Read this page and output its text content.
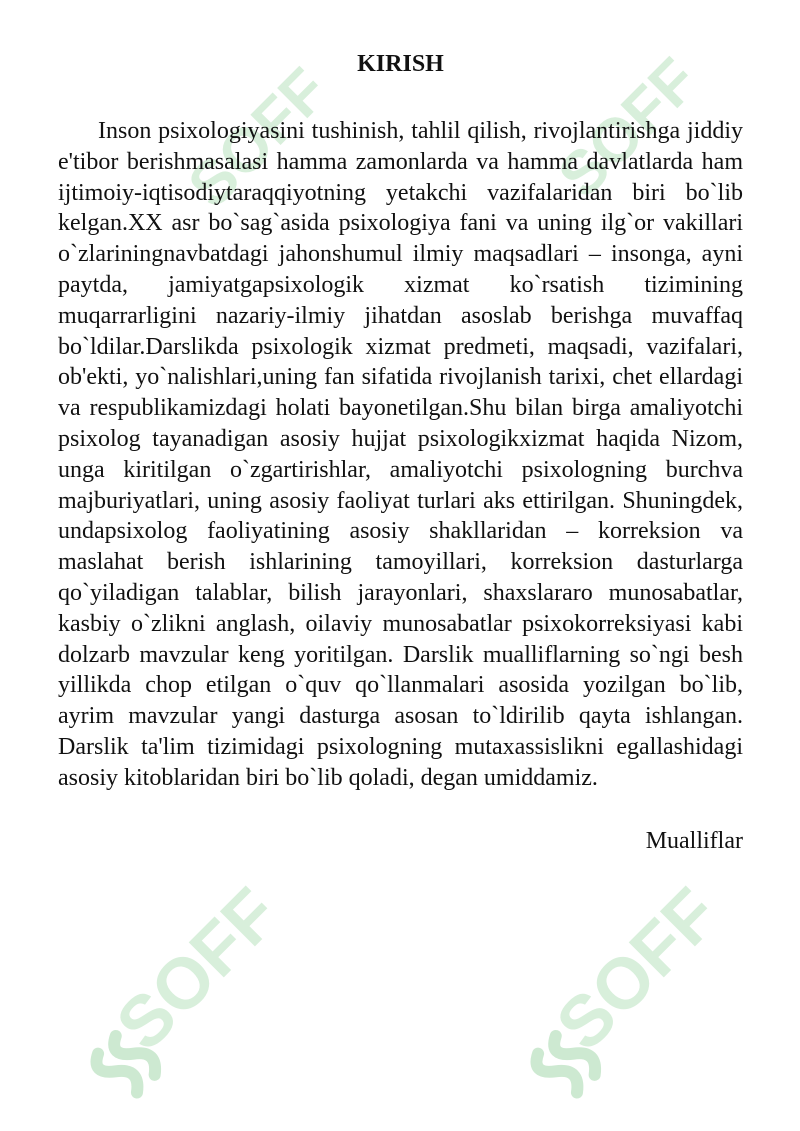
SOFF	SOFF
SOFF	SOFF
KIRISH

Inson psixologiyasini tushinish, tahlil qilish, rivojlantirishga jiddiy e'tibor berishmasalasi hamma zamonlarda va hamma davlatlarda ham ijtimoiy-iqtisodiytaraqqiyotning yetakchi vazifalaridan biri bo`lib kelgan.XX asr bo`sag`asida psixologiya fani va uning ilg`or vakillari o`zlariningnavbatdagi jahonshumul ilmiy maqsadlari – insonga, ayni paytda, jamiyatgapsixologik xizmat ko`rsatish tizimining muqarrarligini nazariy-ilmiy jihatdan asoslab berishga muvaffaq bo`ldilar.Darslikda psixologik xizmat predmeti, maqsadi, vazifalari, ob'ekti, yo`nalishlari,uning fan sifatida rivojlanish tarixi, chet ellardagi va respublikamizdagi holati bayonetilgan.Shu bilan birga amaliyotchi psixolog tayanadigan asosiy hujjat psixologikxizmat haqida Nizom, unga kiritilgan o`zgartirishlar, amaliyotchi psixologning burchva majburiyatlari, uning asosiy faoliyat turlari aks ettirilgan. Shuningdek, undapsixolog faoliyatining asosiy shakllaridan – korreksion va maslahat berish ishlarining tamoyillari, korreksion dasturlarga qo`yiladigan talablar, bilish jarayonlari, shaxslararo munosabatlar, kasbiy o`zlikni anglash, oilaviy munosabatlar psixokorreksiyasi kabi dolzarb mavzular keng yoritilgan. Darslik mualliflarning so`ngi besh yillikda chop etilgan o`quv qo`llanmalari asosida yozilgan bo`lib, ayrim mavzular yangi dasturga asosan to`ldirilib qayta ishlangan. Darslik ta'lim tizimidagi psixologning mutaxassislikni egallashidagi asosiy kitoblaridan biri bo`lib qoladi, degan umiddamiz.

Mualliflar
